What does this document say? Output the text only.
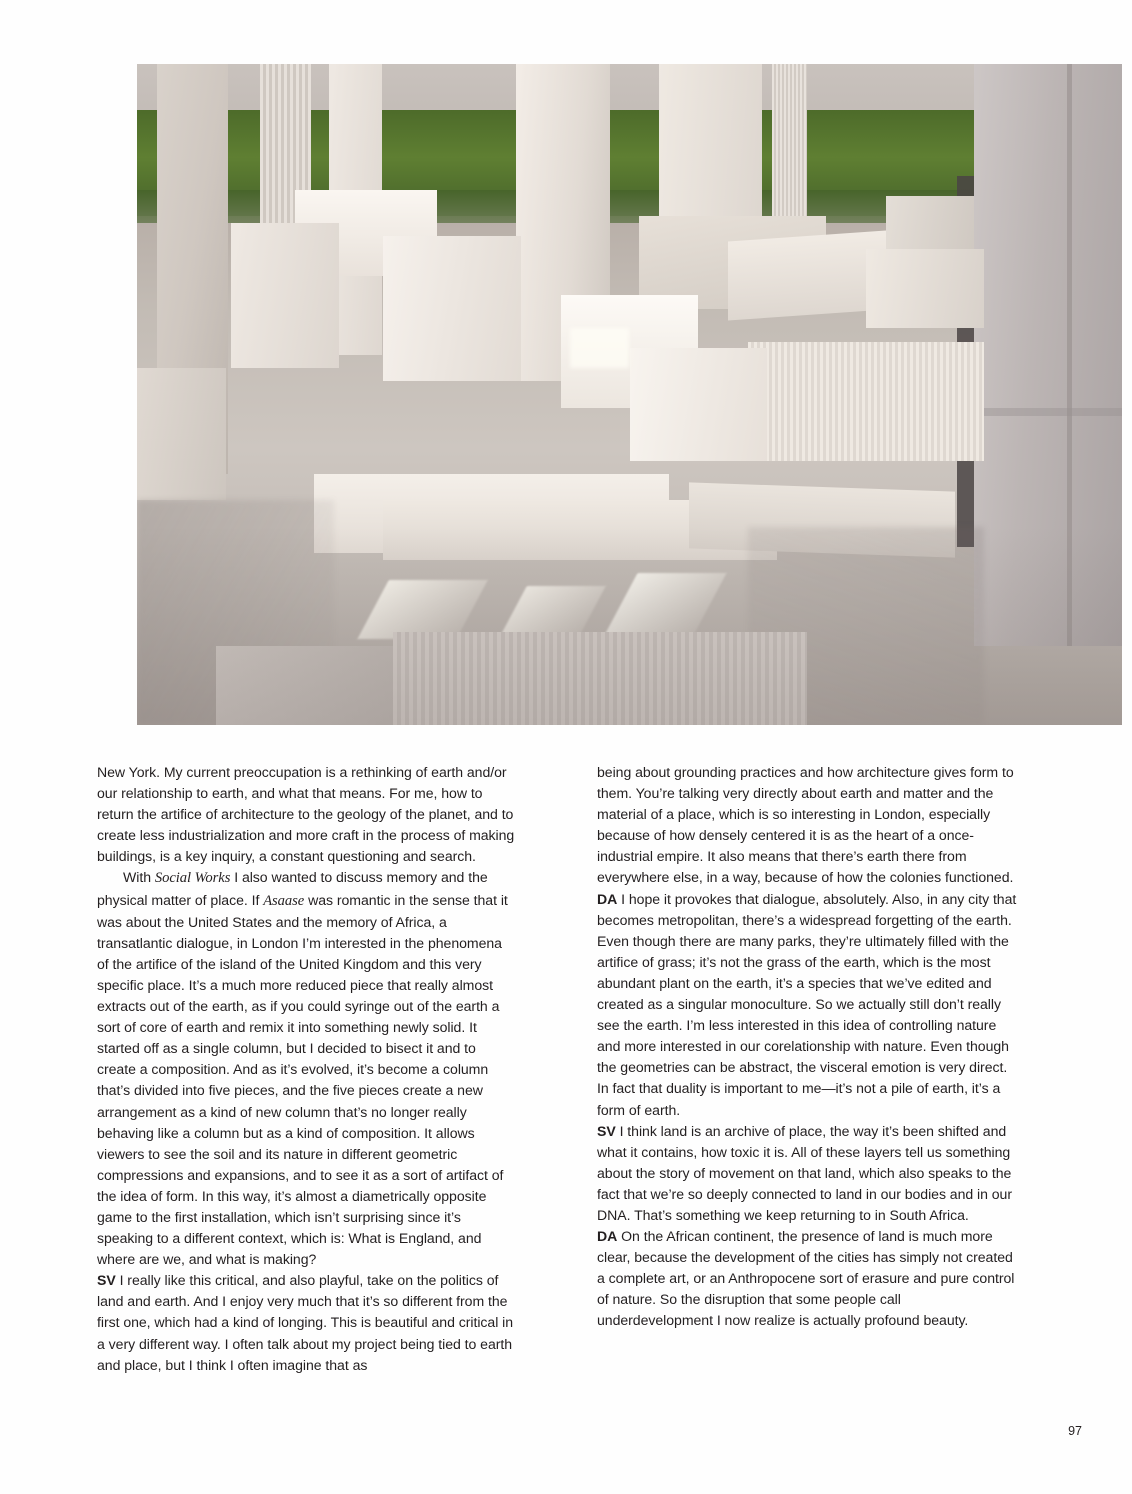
New York. My current preoccupation is a rethinking of earth and/or our relationship to earth, and what that means. For me, how to return the artifice of architecture to the geology of the planet, and to create less industrialization and more craft in the process of making buildings, is a key inquiry, a constant questioning and search.

With Social Works I also wanted to discuss memory and the physical matter of place. If Asaase was romantic in the sense that it was about the United States and the memory of Africa, a transatlantic dialogue, in London I’m interested in the phenomena of the artifice of the island of the United Kingdom and this very specific place. It’s a much more reduced piece that really almost extracts out of the earth, as if you could syringe out of the earth a sort of core of earth and remix it into something newly solid. It started off as a single column, but I decided to bisect it and to create a composition. And as it’s evolved, it’s become a column that’s divided into five pieces, and the five pieces create a new arrangement as a kind of new column that’s no longer really behaving like a column but as a kind of composition. It allows viewers to see the soil and its nature in different geometric compressions and expansions, and to see it as a sort of artifact of the idea of form. In this way, it’s almost a diametrically opposite game to the first installation, which isn’t surprising since it’s speaking to a different context, which is: What is England, and where are we, and what is making?

SV I really like this critical, and also playful, take on the politics of land and earth. And I enjoy very much that it’s so different from the first one, which had a kind of longing. This is beautiful and critical in a very different way. I often talk about my project being tied to earth and place, but I think I often imagine that as

being about grounding practices and how architecture gives form to them. You’re talking very directly about earth and matter and the material of a place, which is so interesting in London, especially because of how densely centered it is as the heart of a once-industrial empire. It also means that there’s earth there from everywhere else, in a way, because of how the colonies functioned.

DA I hope it provokes that dialogue, absolutely. Also, in any city that becomes metropolitan, there’s a widespread forgetting of the earth. Even though there are many parks, they’re ultimately filled with the artifice of grass; it’s not the grass of the earth, which is the most abundant plant on the earth, it’s a species that we’ve edited and created as a singular monoculture. So we actually still don’t really see the earth. I’m less interested in this idea of controlling nature and more interested in our corelationship with nature. Even though the geometries can be abstract, the visceral emotion is very direct. In fact that duality is important to me—it’s not a pile of earth, it’s a form of earth.

SV I think land is an archive of place, the way it’s been shifted and what it contains, how toxic it is. All of these layers tell us something about the story of movement on that land, which also speaks to the fact that we’re so deeply connected to land in our bodies and in our DNA. That’s something we keep returning to in South Africa.

DA On the African continent, the presence of land is much more clear, because the development of the cities has simply not created a complete art, or an Anthropocene sort of erasure and pure control of nature. So the disruption that some people call underdevelopment I now realize is actually profound beauty.

97
